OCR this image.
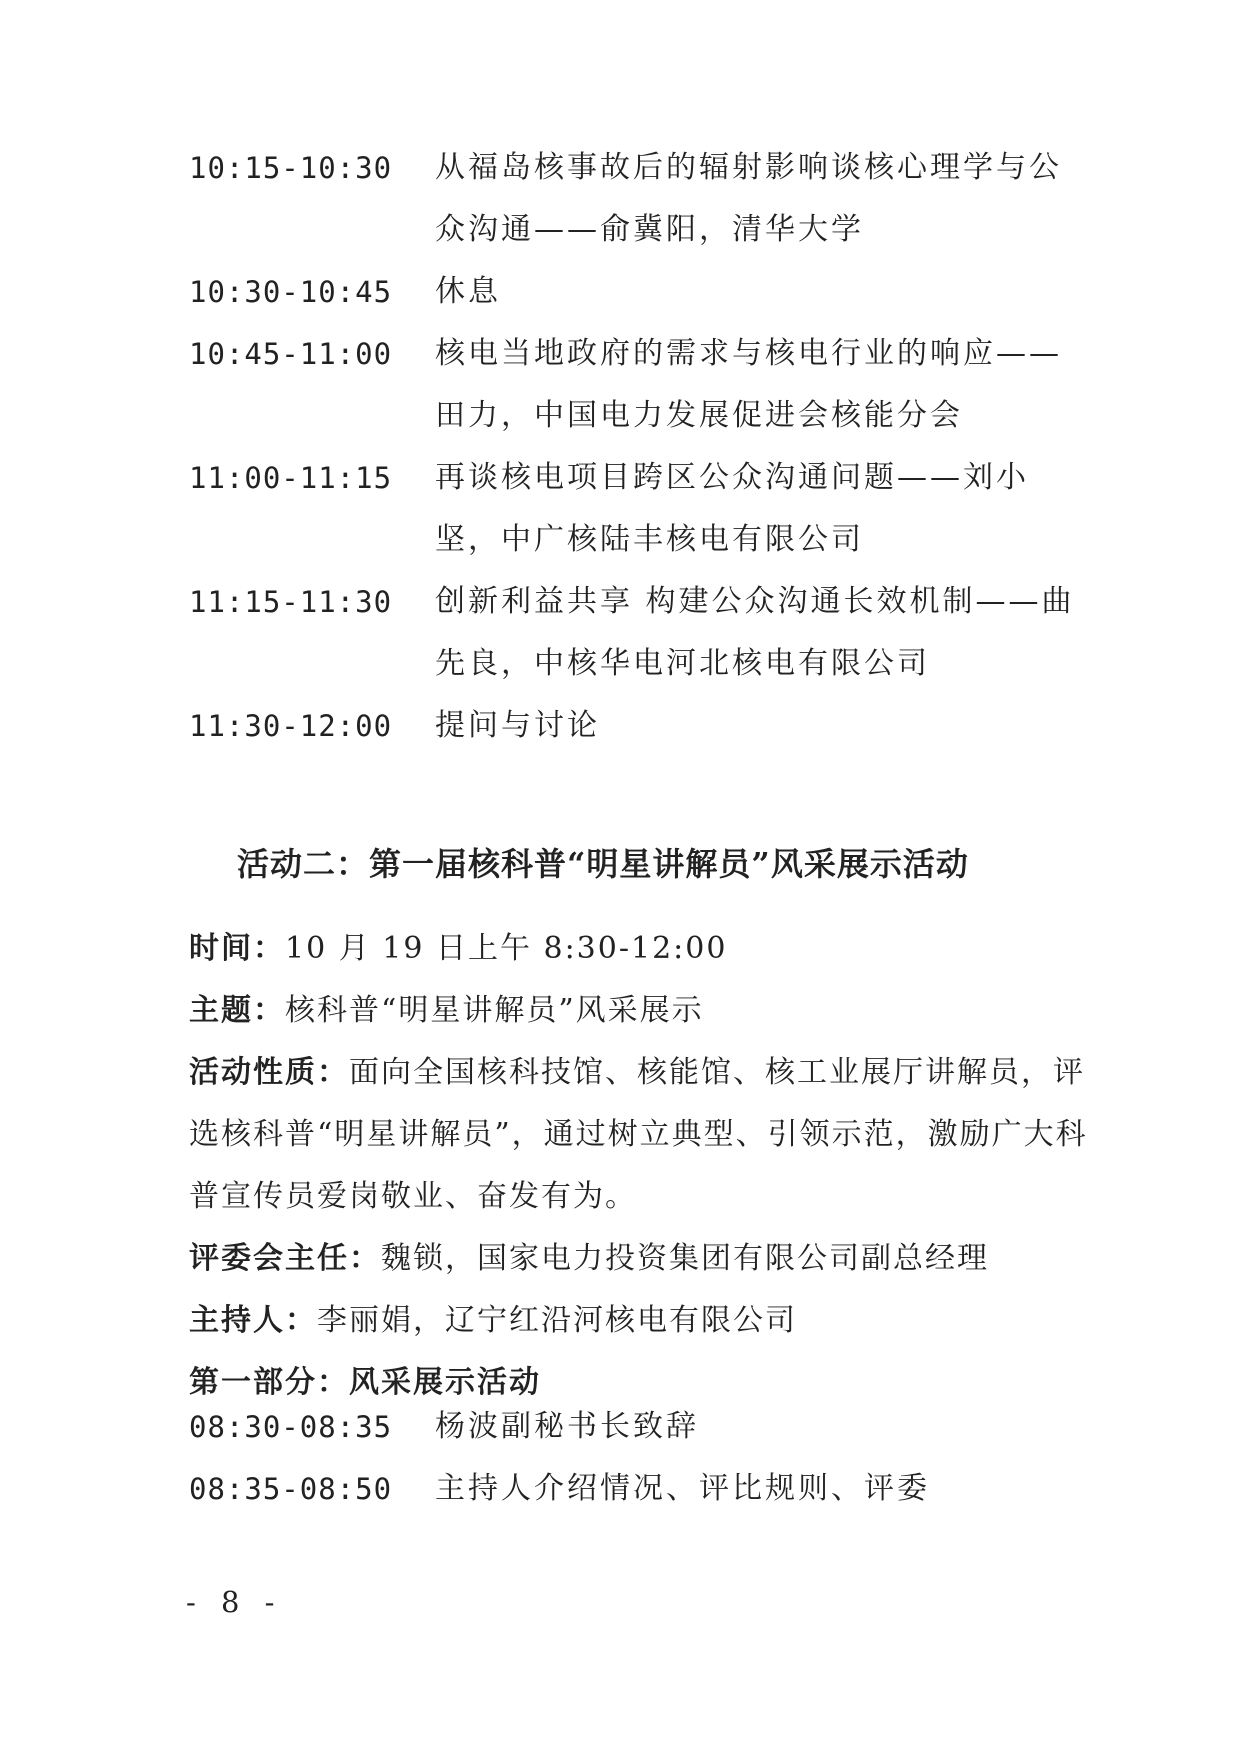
10:15-10:30	从福岛核事故后的辐射影响谈核心理学与公众沟通——俞冀阳，清华大学
10:30-10:45	休息
10:45-11:00	核电当地政府的需求与核电行业的响应——田力，中国电力发展促进会核能分会
11:00-11:15	再谈核电项目跨区公众沟通问题——刘小坚，中广核陆丰核电有限公司
11:15-11:30	创新利益共享 构建公众沟通长效机制——曲先良，中核华电河北核电有限公司
11:30-12:00	提问与讨论
活动二：第一届核科普“明星讲解员”风采展示活动

时间：10 月 19 日上午 8:30-12:00

主题：核科普“明星讲解员”风采展示

活动性质：面向全国核科技馆、核能馆、核工业展厅讲解员，评选核科普“明星讲解员”，通过树立典型、引领示范，激励广大科普宣传员爱岗敬业、奋发有为。

评委会主任：魏锁，国家电力投资集团有限公司副总经理

主持人：李丽娟，辽宁红沿河核电有限公司

第一部分：风采展示活动

08:30-08:35	杨波副秘书长致辞
08:35-08:50	主持人介绍情况、评比规则、评委
- 8 -
